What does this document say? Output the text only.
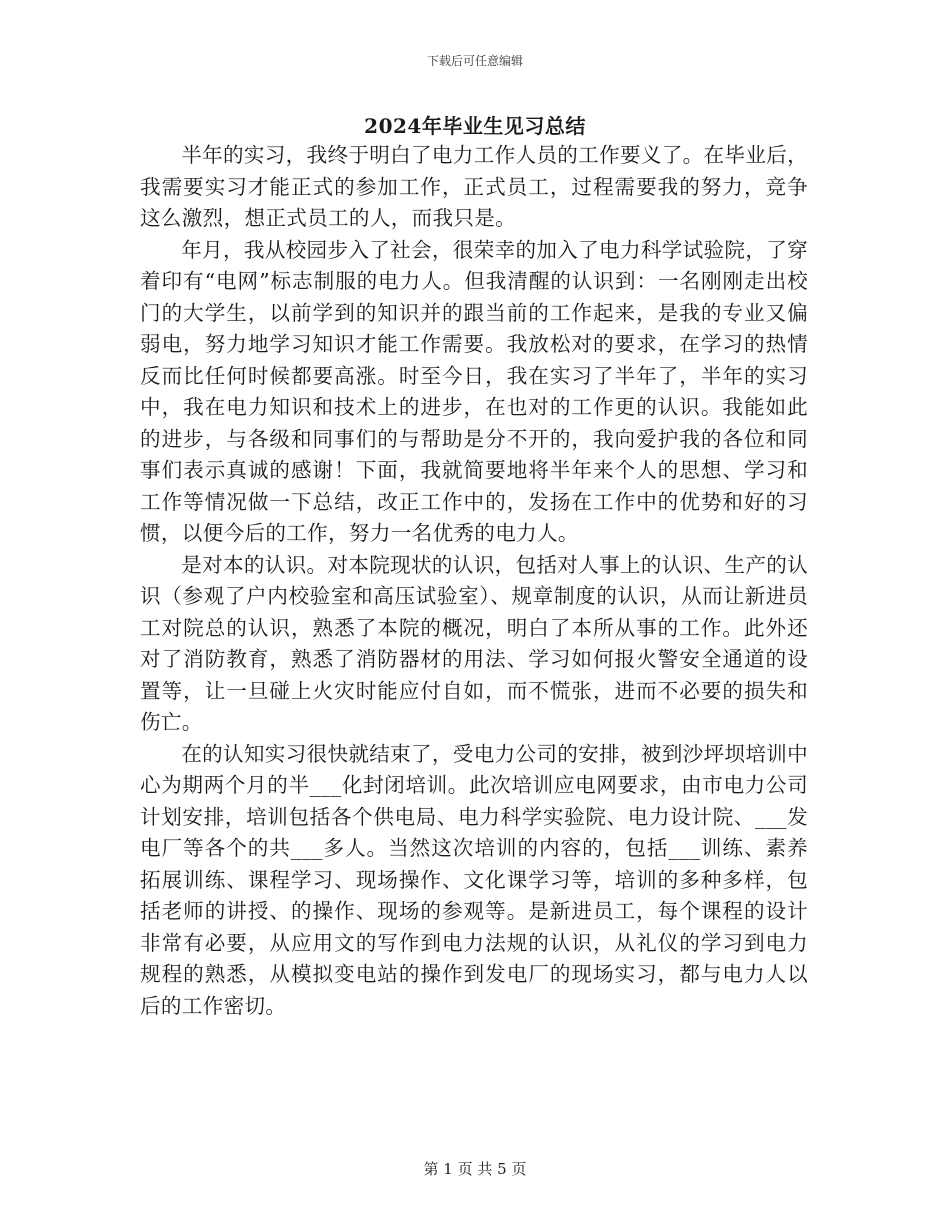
下载后可任意编辑
2024年毕业生见习总结

半年的实习，我终于明白了电力工作人员的工作要义了。在毕业后，我需要实习才能正式的参加工作，正式员工，过程需要我的努力，竞争这么激烈，想正式员工的人，而我只是。

年月，我从校园步入了社会，很荣幸的加入了电力科学试验院，了穿着印有“电网”标志制服的电力人。但我清醒的认识到：一名刚刚走出校门的大学生，以前学到的知识并的跟当前的工作起来，是我的专业又偏弱电，努力地学习知识才能工作需要。我放松对的要求，在学习的热情反而比任何时候都要高涨。时至今日，我在实习了半年了，半年的实习中，我在电力知识和技术上的进步，在也对的工作更的认识。我能如此的进步，与各级和同事们的与帮助是分不开的，我向爱护我的各位和同事们表示真诚的感谢！下面，我就简要地将半年来个人的思想、学习和工作等情况做一下总结，改正工作中的，发扬在工作中的优势和好的习惯，以便今后的工作，努力一名优秀的电力人。

是对本的认识。对本院现状的认识，包括对人事上的认识、生产的认识（参观了户内校验室和高压试验室）、规章制度的认识，从而让新进员工对院总的认识，熟悉了本院的概况，明白了本所从事的工作。此外还对了消防教育，熟悉了消防器材的用法、学习如何报火警安全通道的设置等，让一旦碰上火灾时能应付自如，而不慌张，进而不必要的损失和伤亡。

在的认知实习很快就结束了，受电力公司的安排，被到沙坪坝培训中心为期两个月的半___化封闭培训。此次培训应电网要求，由市电力公司计划安排，培训包括各个供电局、电力科学实验院、电力设计院、___发电厂等各个的共___多人。当然这次培训的内容的，包括___训练、素养拓展训练、课程学习、现场操作、文化课学习等，培训的多种多样，包括老师的讲授、的操作、现场的参观等。是新进员工，每个课程的设计非常有必要，从应用文的写作到电力法规的认识，从礼仪的学习到电力规程的熟悉，从模拟变电站的操作到发电厂的现场实习，都与电力人以后的工作密切。

第 1 页 共 5 页
